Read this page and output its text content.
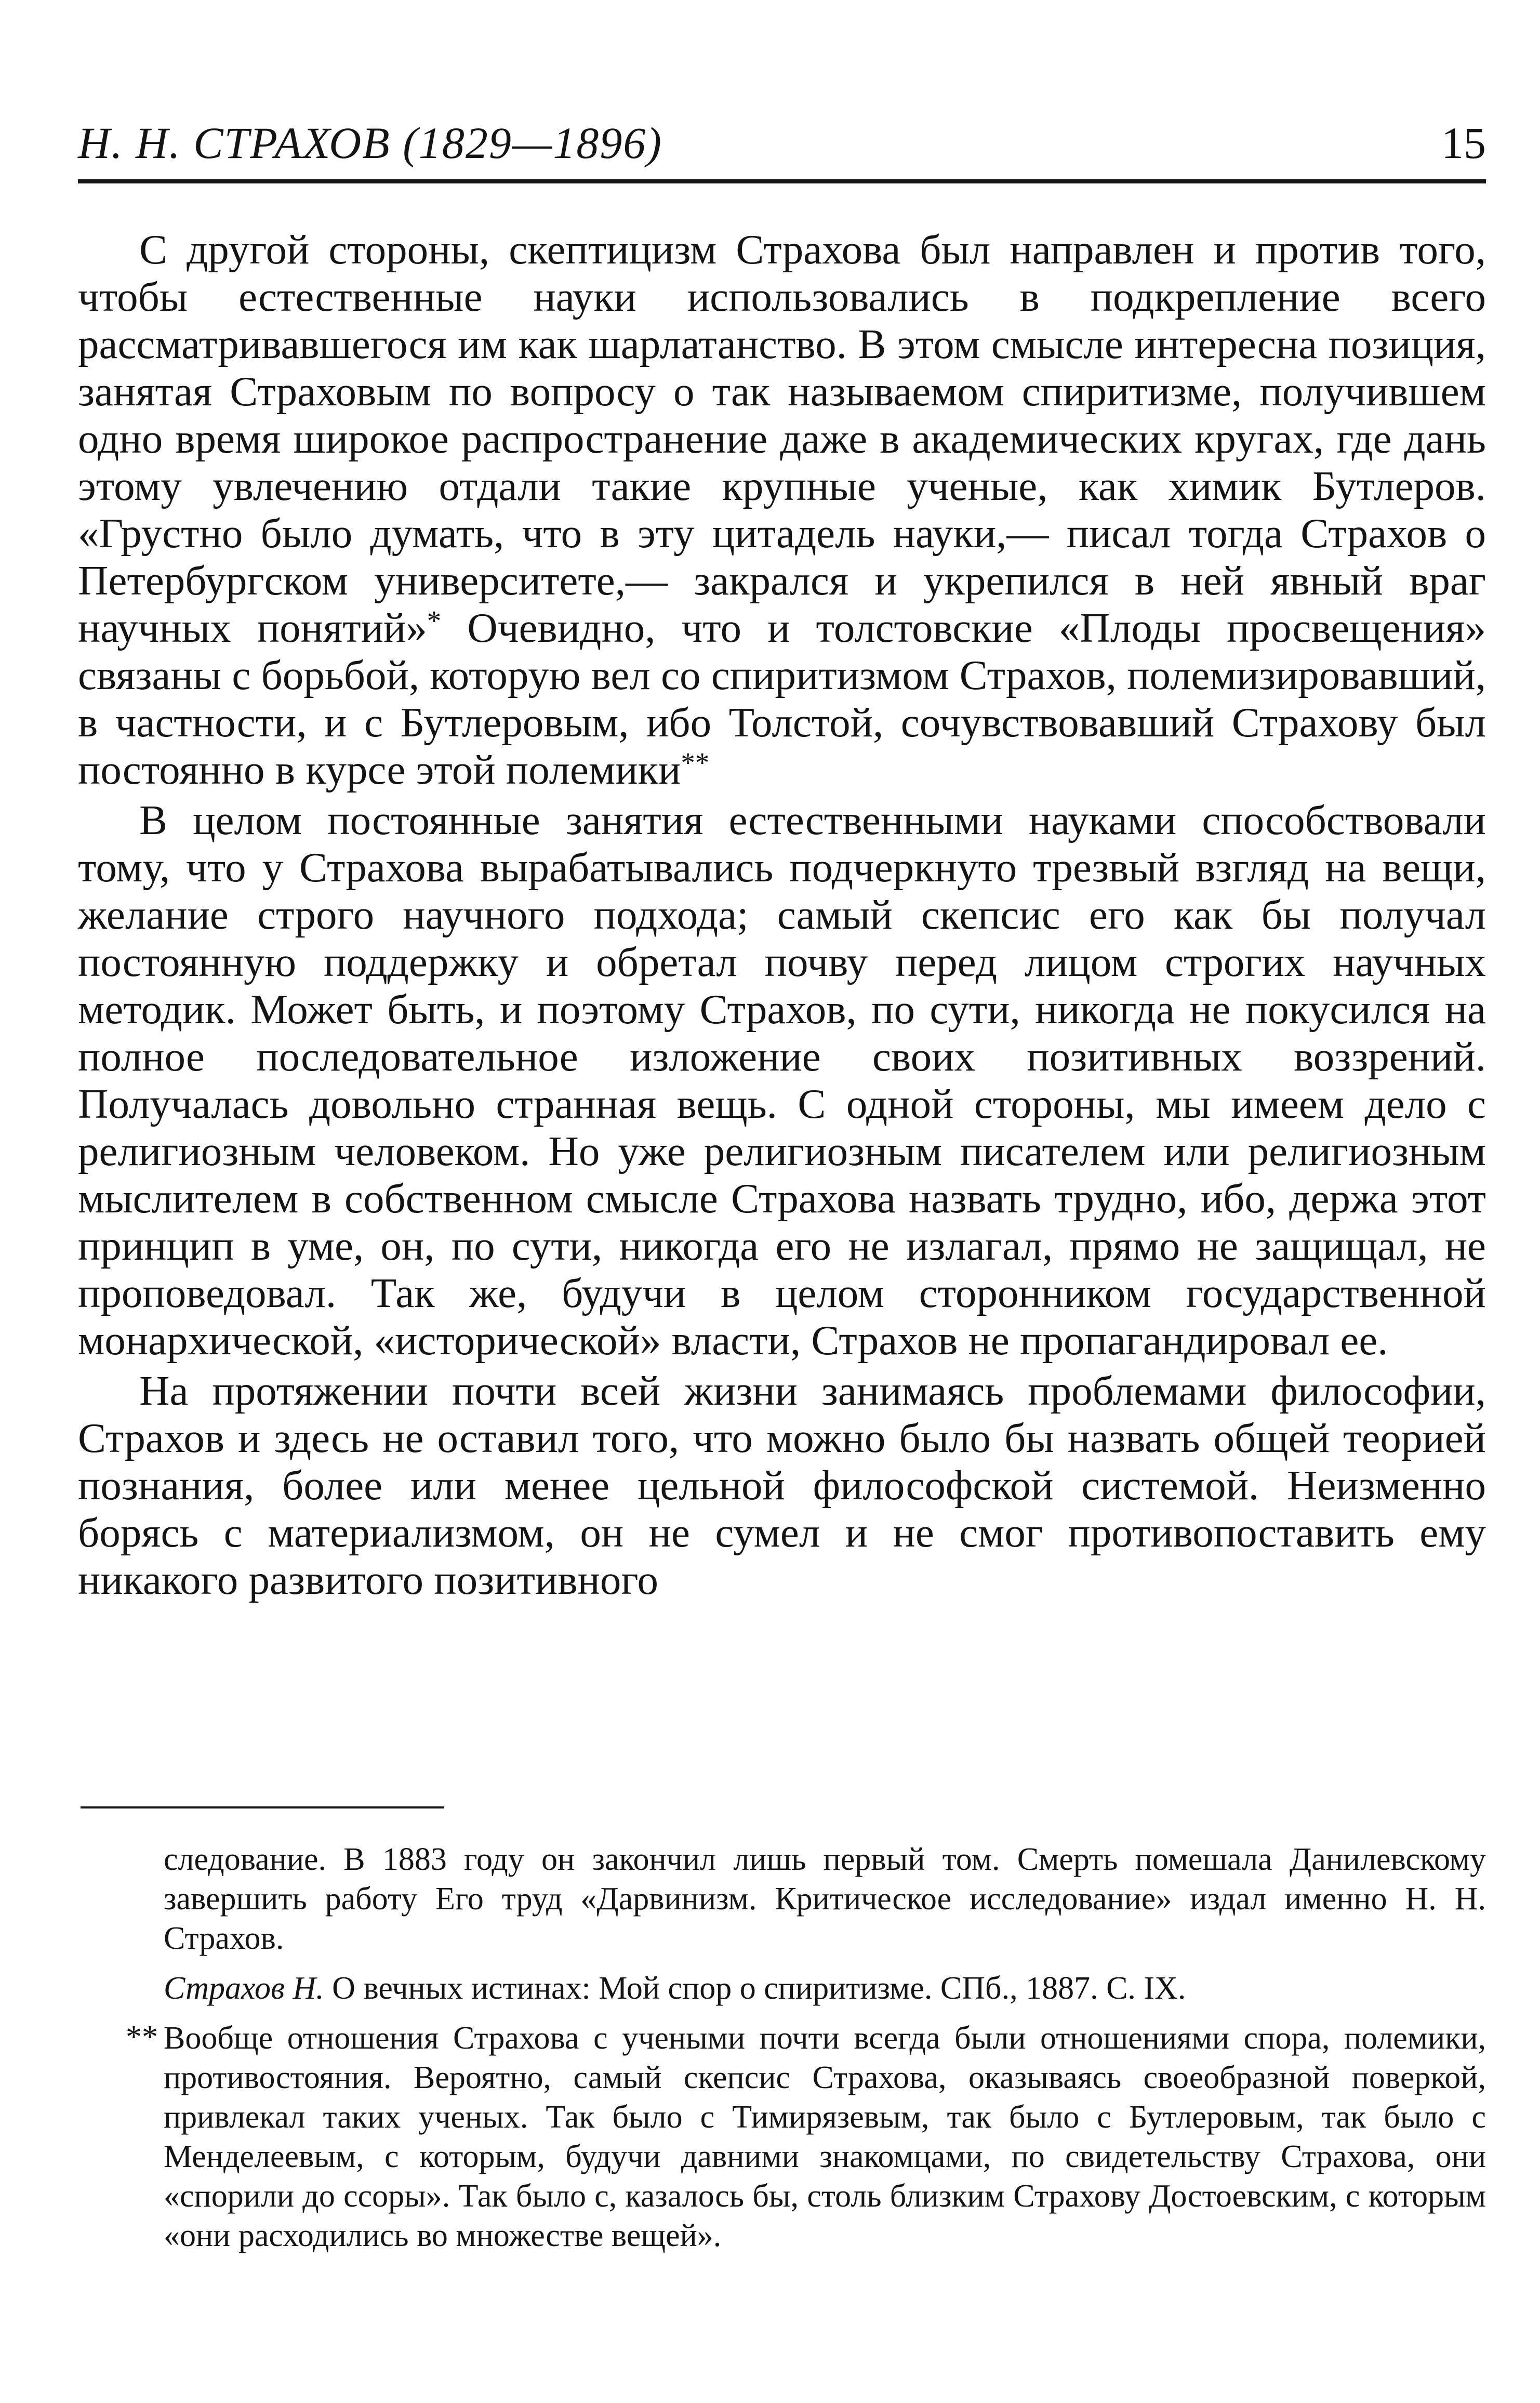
Н. Н. СТРАХОВ (1829—1896)	15

С другой стороны, скептицизм Страхова был направлен и против того, чтобы естественные науки использовались в подкрепление всего рассматривавшегося им как шарлатанство. В этом смысле интересна позиция, занятая Страховым по вопросу о так называемом спиритизме, получившем одно время широкое распространение даже в академических кругах, где дань этому увлечению отдали такие крупные ученые, как химик Бутлеров. «Грустно было думать, что в эту цитадель науки,— писал тогда Страхов о Петербургском университете,— закрался и укрепился в ней явный враг научных понятий»* Очевидно, что и толстовские «Плоды просвещения» связаны с борьбой, которую вел со спиритизмом Страхов, полемизировавший, в частности, и с Бутлеровым, ибо Толстой, сочувствовавший Страхову был постоянно в курсе этой полемики**

В целом постоянные занятия естественными науками способствовали тому, что у Страхова вырабатывались подчеркнуто трезвый взгляд на вещи, желание строго научного подхода; самый скепсис его как бы получал постоянную поддержку и обретал почву перед лицом строгих научных методик. Может быть, и поэтому Страхов, по сути, никогда не покусился на полное последовательное изложение своих позитивных воззрений. Получалась довольно странная вещь. С одной стороны, мы имеем дело с религиозным человеком. Но уже религиозным писателем или религиозным мыслителем в собственном смысле Страхова назвать трудно, ибо, держа этот принцип в уме, он, по сути, никогда его не излагал, прямо не защищал, не проповедовал. Так же, будучи в целом сторонником государственной монархической, «исторической» власти, Страхов не пропагандировал ее.

На протяжении почти всей жизни занимаясь проблемами философии, Страхов и здесь не оставил того, что можно было бы назвать общей теорией познания, более или менее цельной философской системой. Неизменно борясь с материализмом, он не сумел и не смог противопоставить ему никакого развитого позитивного

следование. В 1883 году он закончил лишь первый том. Смерть помешала Данилевскому завершить работу Его труд «Дарвинизм. Критическое исследование» издал именно Н. Н. Страхов.

Страхов Н. О вечных истинах: Мой спор о спиритизме. СПб., 1887. С. IX.

** Вообще отношения Страхова с учеными почти всегда были отношениями спора, полемики, противостояния. Вероятно, самый скепсис Страхова, оказываясь своеобразной поверкой, привлекал таких ученых. Так было с Тимирязевым, так было с Бутлеровым, так было с Менделеевым, с которым, будучи давними знакомцами, по свидетельству Страхова, они «спорили до ссоры». Так было с, казалось бы, столь близким Страхову Достоевским, с которым «они расходились во множестве вещей».
